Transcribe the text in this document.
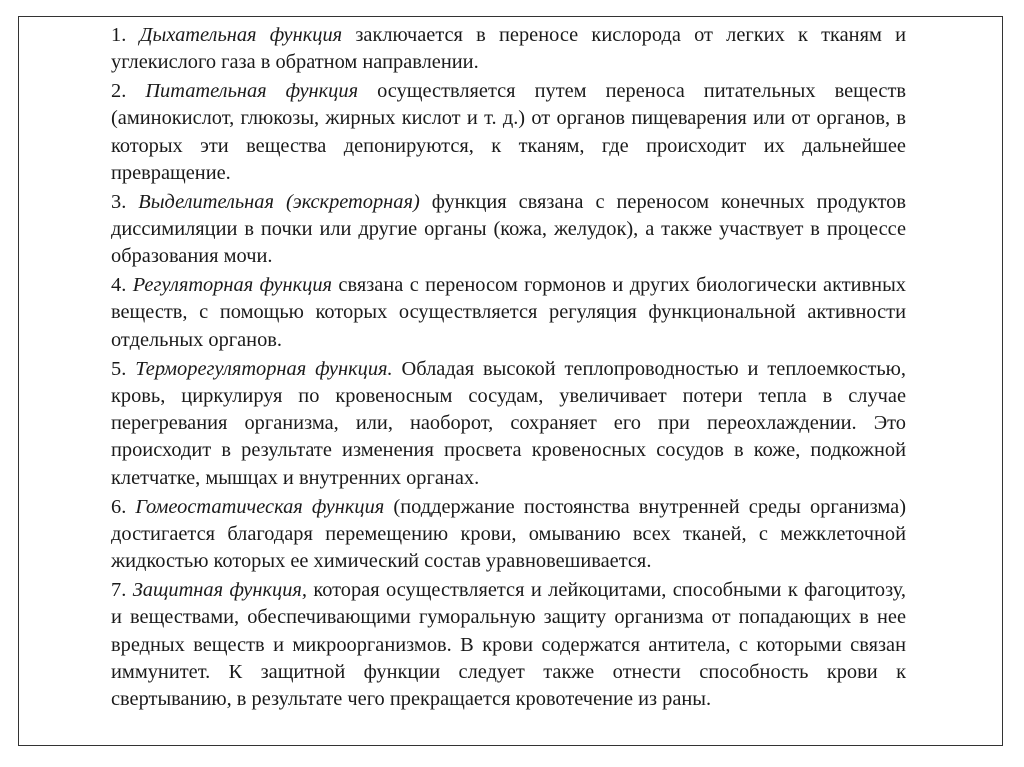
1. Дыхательная функция заключается в переносе кислорода от легких к тканям и углекислого газа в обратном направлении.

2. Питательная функция осуществляется путем переноса питательных веществ (аминокислот, глюкозы, жирных кислот и т. д.) от органов пищеварения или от органов, в которых эти вещества депонируются, к тканям, где происходит их дальнейшее превращение.

3. Выделительная (экскреторная) функция связана с переносом конечных продуктов диссимиляции в почки или другие органы (кожа, желудок), а также участвует в процессе образования мочи.

4. Регуляторная функция связана с переносом гормонов и других биологически активных веществ, с помощью которых осуществляется регуляция функциональной активности отдельных органов.

5. Терморегуляторная функция. Обладая высокой теплопроводностью и теплоемкостью, кровь, циркулируя по кровеносным сосудам, увеличивает потери тепла в случае перегревания организма, или, наоборот, сохраняет его при переохлаждении. Это происходит в результате изменения просвета кровеносных сосудов в коже, подкожной клетчатке, мышцах и внутренних органах.

6. Гомеостатическая функция (поддержание постоянства внутренней среды организма) достигается благодаря перемещению крови, омыванию всех тканей, с межклеточной жидкостью которых ее химический состав уравновешивается.

7. Защитная функция, которая осуществляется и лейкоцитами, способными к фагоцитозу, и веществами, обеспечивающими гуморальную защиту организма от попадающих в нее вредных веществ и микроорганизмов. В крови содержатся антитела, с которыми связан иммунитет. К защитной функции следует также отнести способность крови к свертыванию, в результате чего прекращается кровотечение из раны.
